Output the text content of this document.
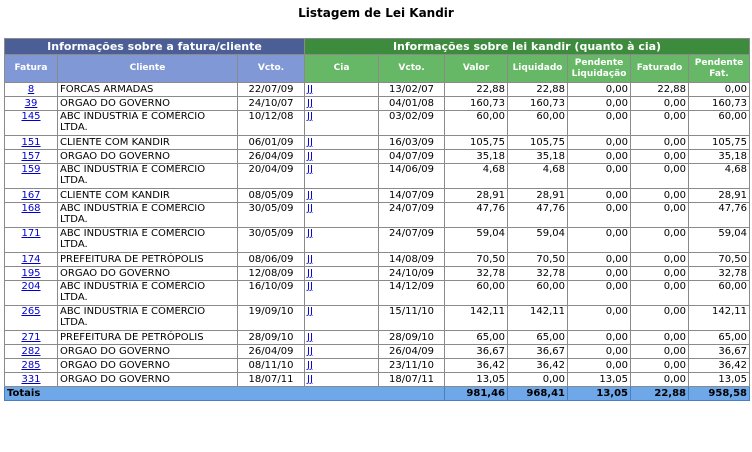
Listagem de Lei Kandir
Informações sobre a fatura/cliente			Informações sobre lei kandir (quanto à cia)						
Fatura	Cliente	Vcto.	Cia	Vcto.	Valor	Liquidado	Pendente Liquidação	Faturado	Pendente Fat.
8	FORCAS ARMADAS	22/07/09	JJ	13/02/07	22,88	22,88	0,00	22,88	0,00
39	ORGAO DO GOVERNO	24/10/07	JJ	04/01/08	160,73	160,73	0,00	0,00	160,73
145	ABC INDÚSTRIA E COMÉRCIO LTDA.	10/12/08	JJ	03/02/09	60,00	60,00	0,00	0,00	60,00
151	CLIENTE COM KANDIR	06/01/09	JJ	16/03/09	105,75	105,75	0,00	0,00	105,75
157	ORGAO DO GOVERNO	26/04/09	JJ	04/07/09	35,18	35,18	0,00	0,00	35,18
159	ABC INDÚSTRIA E COMÉRCIO LTDA.	20/04/09	JJ	14/06/09	4,68	4,68	0,00	0,00	4,68
167	CLIENTE COM KANDIR	08/05/09	JJ	14/07/09	28,91	28,91	0,00	0,00	28,91
168	ABC INDÚSTRIA E COMÉRCIO LTDA.	30/05/09	JJ	24/07/09	47,76	47,76	0,00	0,00	47,76
171	ABC INDÚSTRIA E COMÉRCIO LTDA.	30/05/09	JJ	24/07/09	59,04	59,04	0,00	0,00	59,04
174	PREFEITURA DE PETRÓPOLIS	08/06/09	JJ	14/08/09	70,50	70,50	0,00	0,00	70,50
195	ORGAO DO GOVERNO	12/08/09	JJ	24/10/09	32,78	32,78	0,00	0,00	32,78
204	ABC INDÚSTRIA E COMÉRCIO LTDA.	16/10/09	JJ	14/12/09	60,00	60,00	0,00	0,00	60,00
265	ABC INDÚSTRIA E COMÉRCIO LTDA.	19/09/10	JJ	15/11/10	142,11	142,11	0,00	0,00	142,11
271	PREFEITURA DE PETRÓPOLIS	28/09/10	JJ	28/09/10	65,00	65,00	0,00	0,00	65,00
282	ORGAO DO GOVERNO	26/04/09	JJ	26/04/09	36,67	36,67	0,00	0,00	36,67
285	ORGAO DO GOVERNO	08/11/10	JJ	23/11/10	36,42	36,42	0,00	0,00	36,42
331	ORGAO DO GOVERNO	18/07/11	JJ	18/07/11	13,05	0,00	13,05	0,00	13,05
Totais					981,46	968,41	13,05	22,88	958,58
